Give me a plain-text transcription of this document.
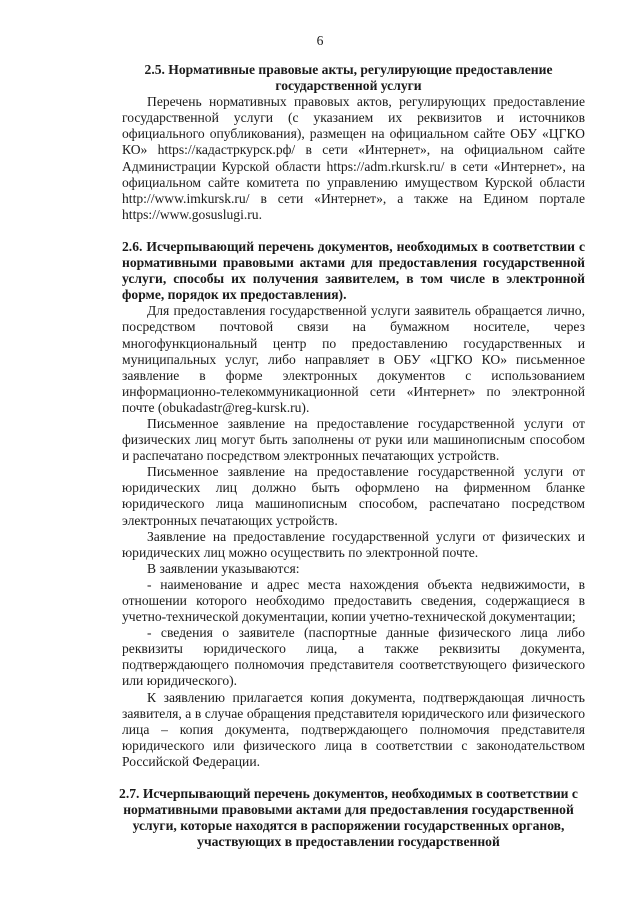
6
2.5. Нормативные правовые акты, регулирующие предоставление государственной услуги

Перечень нормативных правовых актов, регулирующих предоставление государственной услуги (с указанием их реквизитов и источников официального опубликования), размещен на официальном сайте ОБУ «ЦГКО КО» https://кадастркурск.рф/ в сети «Интернет», на официальном сайте Администрации Курской области https://adm.rkursk.ru/ в сети «Интернет», на официальном сайте комитета по управлению имуществом Курской области http://www.imkursk.ru/ в сети «Интернет», а также на Едином портале https://www.gosuslugi.ru.

2.6. Исчерпывающий перечень документов, необходимых в соответствии с нормативными правовыми актами для предоставления государственной услуги, способы их получения заявителем, в том числе в электронной форме, порядок их предоставления).

Для предоставления государственной услуги заявитель обращается лично, посредством почтовой связи на бумажном носителе, через многофункциональный центр по предоставлению государственных и муниципальных услуг, либо направляет в ОБУ «ЦГКО КО» письменное заявление в форме электронных документов с использованием информационно-телекоммуникационной сети «Интернет» по электронной почте (obukadastr@reg-kursk.ru).

Письменное заявление на предоставление государственной услуги от физических лиц могут быть заполнены от руки или машинописным способом и распечатано посредством электронных печатающих устройств.

Письменное заявление на предоставление государственной услуги от юридических лиц должно быть оформлено на фирменном бланке юридического лица машинописным способом, распечатано посредством электронных печатающих устройств.

Заявление на предоставление государственной услуги от физических и юридических лиц можно осуществить по электронной почте.

В заявлении указываются:

- наименование и адрес места нахождения объекта недвижимости, в отношении которого необходимо предоставить сведения, содержащиеся в учетно-технической документации, копии учетно-технической документации;

- сведения о заявителе (паспортные данные физического лица либо реквизиты юридического лица, а также реквизиты документа, подтверждающего полномочия представителя соответствующего физического или юридического).

К заявлению прилагается копия документа, подтверждающая личность заявителя, а в случае обращения представителя юридического или физического лица – копия документа, подтверждающего полномочия представителя юридического или физического лица в соответствии с законодательством Российской Федерации.

2.7. Исчерпывающий перечень документов, необходимых в соответствии с нормативными правовыми актами для предоставления государственной услуги, которые находятся в распоряжении государственных органов, участвующих в предоставлении государственной
